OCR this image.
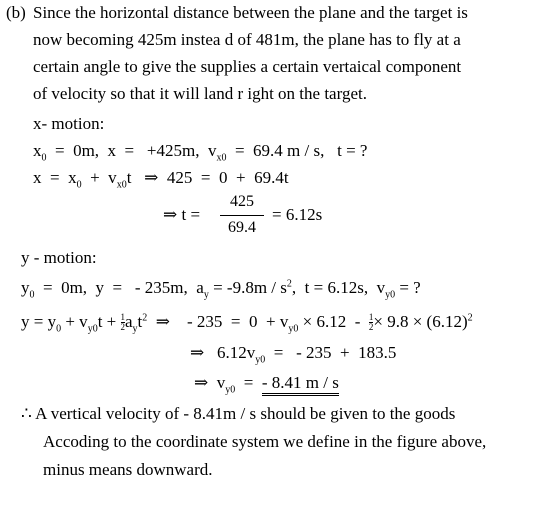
(b) Since the horizontal distance between the plane and the target is
now becoming 425m instea d of 481m, the plane has to fly at a
certain angle to give the supplies a certain vertaical component
of velocity so that it will land r ight on the target.
x- motion:
$x_0 = 0m$,  x  =   +425m,  $v_{x0} = 69.4$ m / s,   t = ?
$x = x_0 + v_{x0}t$   ⇒  425  =  0  +  69.4t
⇒ t =
425
69.4
= 6.12s
y - motion:
$y_0 = 0m$,  y  =   - 235m,  $a_y = -9.8m / s^2$,  t = 6.12s,  $v_{y0}$ = ?
$y = y_0 + v_{y0}t + \frac{1}{2} a_yt^2$  ⇒    - $235 = 0 + v_{y0} \times 6.12 - \frac{1}{2} \times 9.8 \times (6.12)^2$
⇒   $6.12v_{y0}$  =   - 235  +  183.5
⇒  $v_{y0}$  =  - 8.41 m / s
∴ A vertical velocity of - 8.41m / s should be given to the goods
Accoding to the coordinate system we define in the figure above,
minus means downward.
